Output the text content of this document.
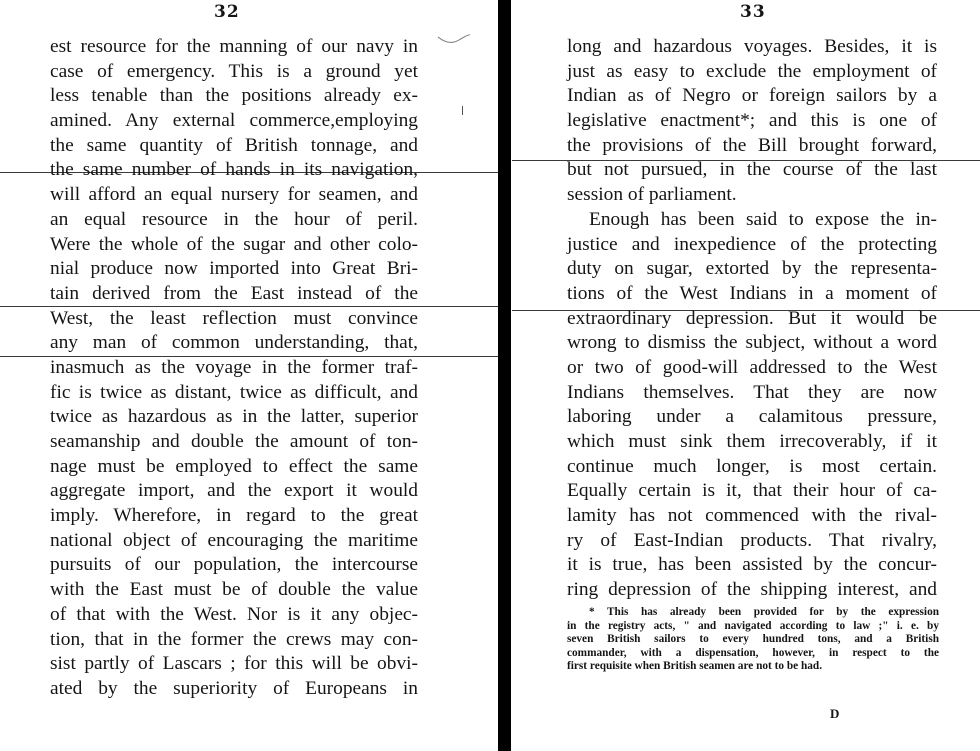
32
est resource for the manning of our navy in
case of emergency. This is a ground yet
less tenable than the positions already ex-
amined. Any external commerce,employing
the same quantity of British tonnage, and
the same number of hands in its navigation,
will afford an equal nursery for seamen, and
an equal resource in the hour of peril.
Were the whole of the sugar and other colo-
nial produce now imported into Great Bri-
tain derived from the East instead of the
West, the least reflection must convince
any man of common understanding, that,
inasmuch as the voyage in the former traf-
fic is twice as distant, twice as difficult, and
twice as hazardous as in the latter, superior
seamanship and double the amount of ton-
nage must be employed to effect the same
aggregate import, and the export it would
imply. Wherefore, in regard to the great
national object of encouraging the maritime
pursuits of our population, the intercourse
with the East must be of double the value
of that with the West. Nor is it any objec-
tion, that in the former the crews may con-
sist partly of Lascars ; for this will be obvi-
ated by the superiority of Europeans in
33
long and hazardous voyages. Besides, it is
just as easy to exclude the employment of
Indian as of Negro or foreign sailors by a
legislative enactment*; and this is one of
the provisions of the Bill brought forward,
but not pursued, in the course of the last
session of parliament.
Enough has been said to expose the in-
justice and inexpedience of the protecting
duty on sugar, extorted by the representa-
tions of the West Indians in a moment of
extraordinary depression. But it would be
wrong to dismiss the subject, without a word
or two of good-will addressed to the West
Indians themselves. That they are now
laboring under a calamitous pressure,
which must sink them irrecoverably, if it
continue much longer, is most certain.
Equally certain is it, that their hour of ca-
lamity has not commenced with the rival-
ry of East-Indian products. That rivalry,
it is true, has been assisted by the concur-
ring depression of the shipping interest, and
* This has already been provided for by the expression
in the registry acts, " and navigated according to law ;" i. e. by
seven British sailors to every hundred tons, and a British
commander, with a dispensation, however, in respect to the
first requisite when British seamen are not to be had.
D
